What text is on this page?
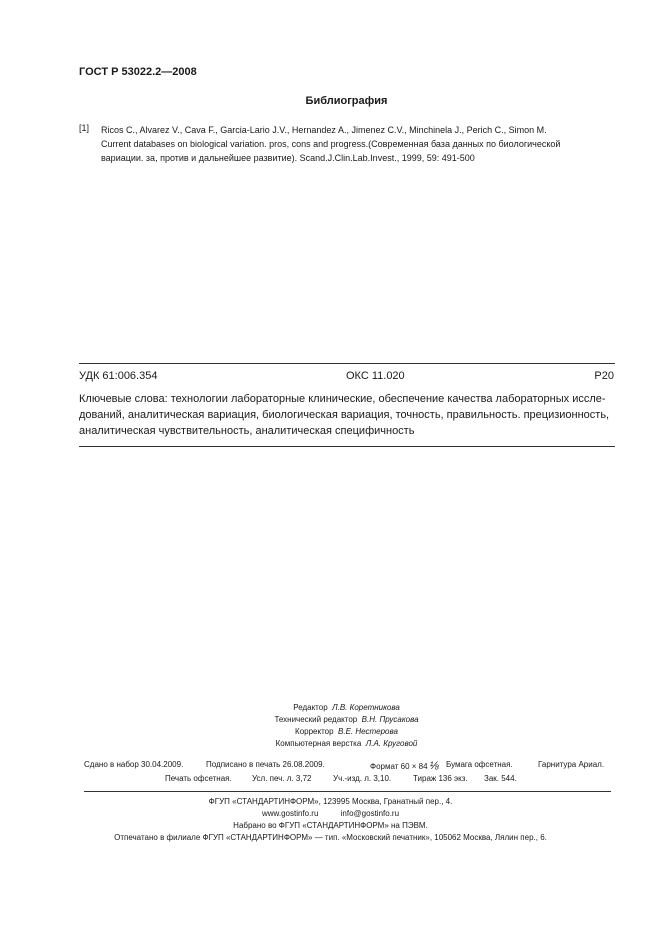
ГОСТ Р 53022.2—2008
Библиография
[1] Ricos C., Alvarez V., Cava F., Garcia-Lario J.V., Hernandez A., Jimenez C.V., Minchinela J., Perich C., Simon M.
Current databases on biological variation. pros, cons and progress.(Современная база данных по биологической
вариации. за, против и дальнейшее развитие). Scand.J.Clin.Lab.Invest., 1999, 59: 491-500
УДК 61:006.354	ОКС 11.020	Р20
Ключевые слова: технологии лабораторные клинические, обеспечение качества лабораторных иссле-
дований, аналитическая вариация, биологическая вариация, точность, правильность. прецизионность,
аналитическая чувствительность, аналитическая специфичность
Редактор Л.В. Коретникова
Технический редактор В.Н. Прусакова
Корректор В.Е. Нестерова
Компьютерная верстка Л.А. Круговой
Сдано в набор 30.04.2009.	Подписано в печать 26.08.2009.	Формат 60 × 84 ⅛ Бумага офсетная.	Гарнитура Ариал.
Печать офсетная.	Усл. печ. л. 3,72	Уч.-изд. л. 3,10.	Тираж 136 экз. Зак. 544.
ФГУП «СТАНДАРТИНФОРМ», 123995 Москва, Гранатный пер., 4.
www.gostinfo.ru          info@gostinfo.ru
Набрано во ФГУП «СТАНДАРТИНФОРМ» на ПЭВМ.
Отпечатано в филиале ФГУП «СТАНДАРТИНФОРМ» — тип. «Московский печатник», 105062 Москва, Лялин пер., 6.
